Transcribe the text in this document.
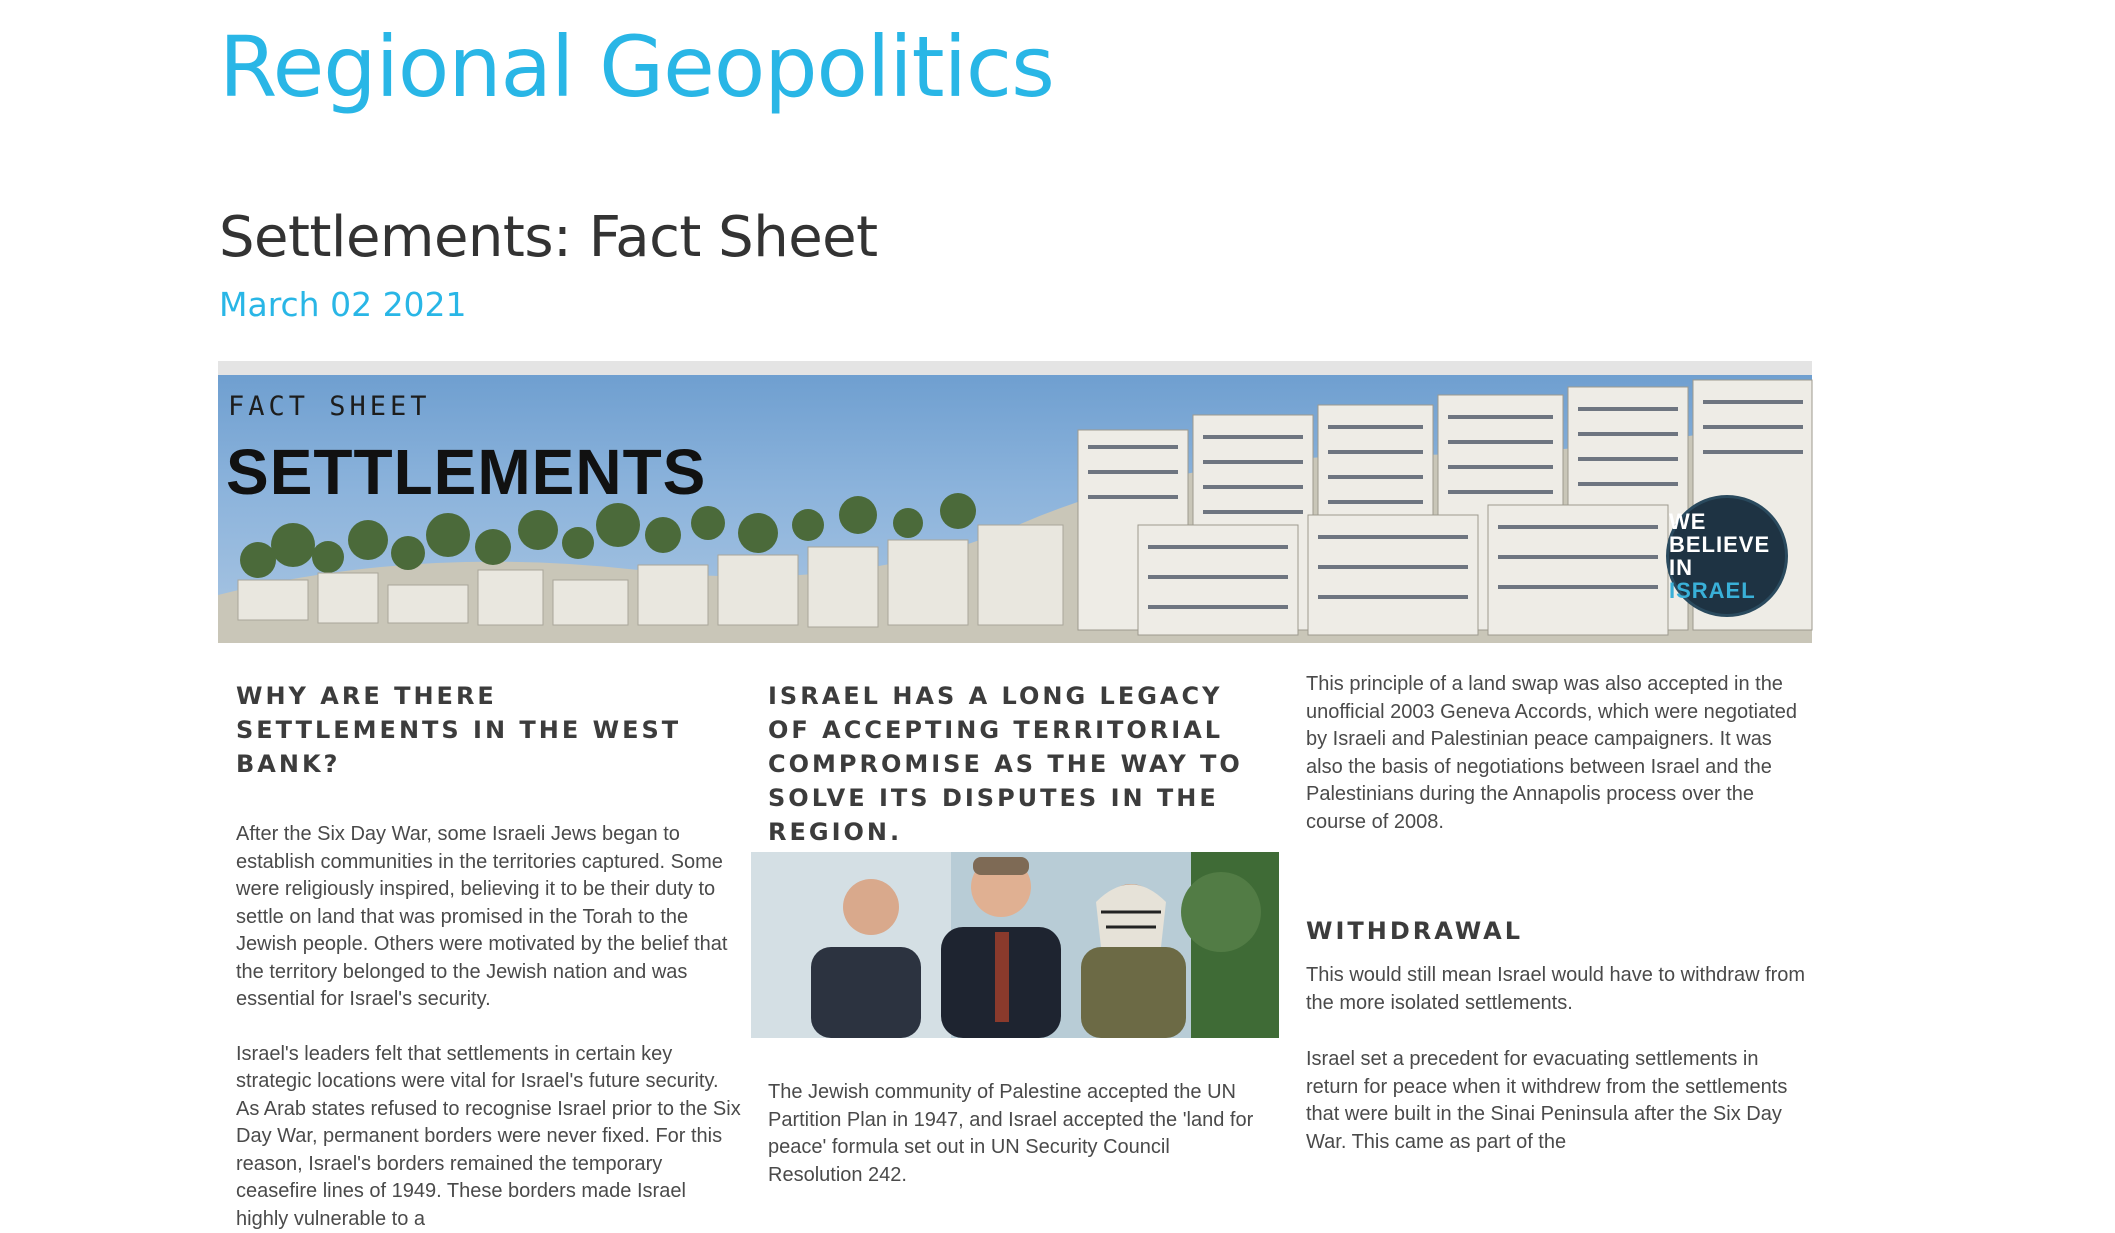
Regional Geopolitics
Settlements: Fact Sheet
March 02 2021
FACT SHEET
SETTLEMENTS
WE BELIEVE
IN ISRAEL
WHY ARE THERE SETTLEMENTS IN THE WEST BANK?
After the Six Day War, some Israeli Jews began to establish communities in the territories captured. Some were religiously inspired, believing it to be their duty to settle on land that was promised in the Torah to the Jewish people. Others were motivated by the belief that the territory belonged to the Jewish nation and was essential for Israel's security.
Israel's leaders felt that settlements in certain key strategic locations were vital for Israel's future security. As Arab states refused to recognise Israel prior to the Six Day War, permanent borders were never fixed. For this reason, Israel's borders remained the temporary ceasefire lines of 1949. These borders made Israel highly vulnerable to a
ISRAEL HAS A LONG LEGACY OF ACCEPTING TERRITORIAL COMPROMISE AS THE WAY TO SOLVE ITS DISPUTES IN THE REGION.
The Jewish community of Palestine accepted the UN Partition Plan in 1947, and Israel accepted the 'land for peace' formula set out in UN Security Council Resolution 242.
This principle of a land swap was also accepted in the unofficial 2003 Geneva Accords, which were negotiated by Israeli and Palestinian peace campaigners. It was also the basis of negotiations between Israel and the Palestinians during the Annapolis process over the course of 2008.
WITHDRAWAL
This would still mean Israel would have to withdraw from the more isolated settlements.
Israel set a precedent for evacuating settlements in return for peace when it withdrew from the settlements that were built in the Sinai Peninsula after the Six Day War. This came as part of the
